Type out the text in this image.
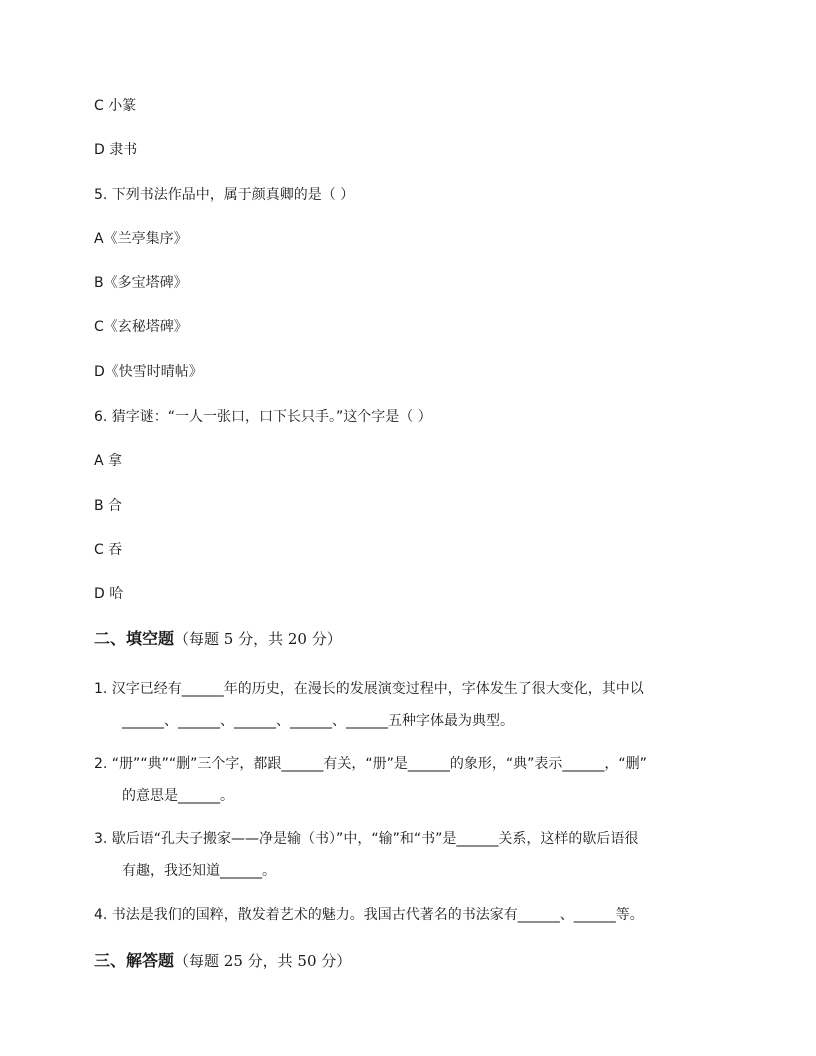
C 小篆
D 隶书
5. 下列书法作品中，属于颜真卿的是（ ）
A《兰亭集序》
B《多宝塔碑》
C《玄秘塔碑》
D《快雪时晴帖》
6. 猜字谜：“一人一张口，口下长只手。”这个字是（ ）
A 拿
B 合
C 吞
D 哈
二、填空题（每题 5 分，共 20 分）
1. 汉字已经有______年的历史，在漫长的发展演变过程中，字体发生了很大变化，其中以
______、______、______、______、______五种字体最为典型。
2. “册”“典”“删”三个字，都跟______有关，“册”是______的象形，“典”表示______，“删”
的意思是______。
3. 歇后语“孔夫子搬家——净是输（书）”中，“输”和“书”是______关系，这样的歇后语很
有趣，我还知道______。
4. 书法是我们的国粹，散发着艺术的魅力。我国古代著名的书法家有______、______等。
三、解答题（每题 25 分，共 50 分）
